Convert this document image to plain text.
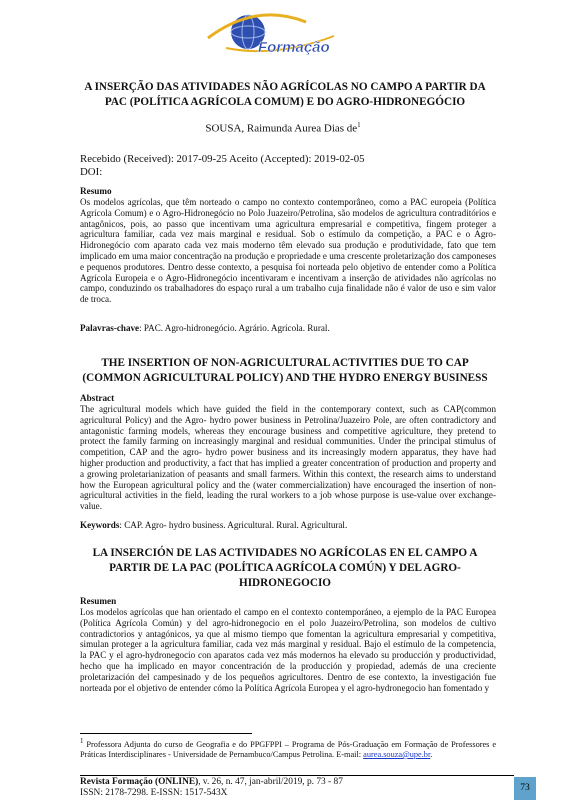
Formação
A INSERÇÃO DAS ATIVIDADES NÃO AGRÍCOLAS NO CAMPO A PARTIR DA
PAC (POLÍTICA AGRÍCOLA COMUM) E DO AGRO-HIDRONEGÓCIO
SOUSA, Raimunda Aurea Dias $de^1$
Recebido (Received): 2017-09-25 Aceito (Accepted): 2019-02-05
DOI:
Resumo
Os modelos agrícolas, que têm norteado o campo no contexto contemporâneo, como a PAC europeia (Política Agrícola Comum) e o Agro-Hidronegócio no Polo Juazeiro/Petrolina, são modelos de agricultura contraditórios e antagônicos, pois, ao passo que incentivam uma agricultura empresarial e competitiva, fingem proteger a agricultura familiar, cada vez mais marginal e residual. Sob o estímulo da competição, a PAC e o Agro-Hidronegócio com aparato cada vez mais moderno têm elevado sua produção e produtividade, fato que tem implicado em uma maior concentração na produção e propriedade e uma crescente proletarização dos camponeses e pequenos produtores. Dentro desse contexto, a pesquisa foi norteada pelo objetivo de entender como a Política Agrícola Europeia e o Agro-Hidronegócio incentivaram e incentivam a inserção de atividades não agrícolas no campo, conduzindo os trabalhadores do espaço rural a um trabalho cuja finalidade não é valor de uso e sim valor de troca.
Palavras-chave: PAC. Agro-hidronegócio. Agrário. Agrícola. Rural.
THE INSERTION OF NON-AGRICULTURAL ACTIVITIES DUE TO CAP
(COMMON AGRICULTURAL POLICY) AND THE HYDRO ENERGY BUSINESS
Abstract
The agricultural models which have guided the field in the contemporary context, such as CAP(common agricultural Policy) and the Agro- hydro power business in Petrolina/Juazeiro Pole, are often contradictory and antagonistic farming models, whereas they encourage business and competitive agriculture, they pretend to protect the family farming on increasingly marginal and residual communities. Under the principal stimulus of competition, CAP and the agro- hydro power business and its increasingly modern apparatus, they have had higher production and productivity, a fact that has implied a greater concentration of production and property and a growing proletarianization of peasants and small farmers. Within this context, the research aims to understand how the European agricultural policy and the (water commercialization) have encouraged the insertion of non-agricultural activities in the field, leading the rural workers to a job whose purpose is use-value over exchange-value.
Keywords: CAP. Agro- hydro business. Agricultural. Rural. Agricultural.
LA INSERCIÓN DE LAS ACTIVIDADES NO AGRÍCOLAS EN EL CAMPO A
PARTIR DE LA PAC (POLÍTICA AGRÍCOLA COMÚN) Y DEL AGRO-
HIDRONEGOCIO
Resumen
Los modelos agrícolas que han orientado el campo en el contexto contemporáneo, a ejemplo de la PAC Europea (Política Agrícola Común) y del agro-hidronegocio en el polo Juazeiro/Petrolina, son modelos de cultivo contradictorios y antagónicos, ya que al mismo tiempo que fomentan la agricultura empresarial y competitiva, simulan proteger a la agricultura familiar, cada vez más marginal y residual. Bajo el estímulo de la competencia, la PAC y el agro-hydronegocio con aparatos cada vez más modernos ha elevado su producción y productividad, hecho que ha implicado en mayor concentración de la producción y propiedad, además de una creciente proletarización del campesinado y de los pequeños agricultores. Dentro de ese contexto, la investigación fue norteada por el objetivo de entender cómo la Política Agrícola Europea y el agro-hydronegocio han fomentado y
$^1$ Professora Adjunta do curso de Geografia e do PPGFPPI – Programa de Pós-Graduação em Formação de Professores e Práticas Interdisciplinares - Universidade de Pernambuco/Campus Petrolina. E-mail: aurea.souza@upe.br.
Revista Formação (ONLINE), v. 26, n. 47, jan-abril/2019, p. 73 - 87
ISSN: 2178-7298. E-ISSN: 1517-543X	73
